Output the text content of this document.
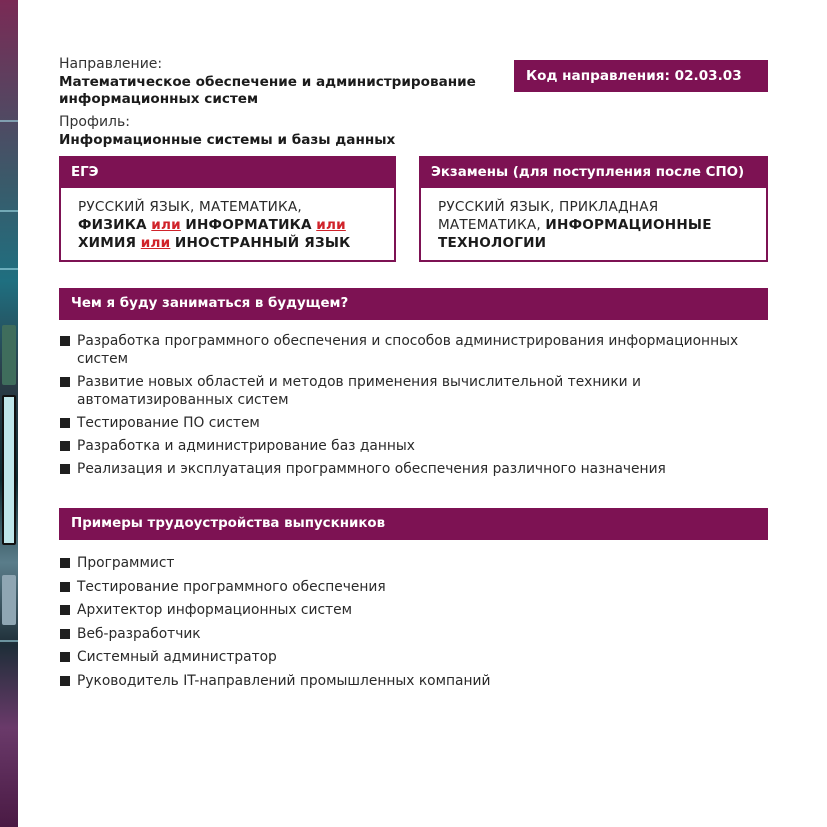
Направление:
Математическое обеспечение и администрирование информационных систем
Профиль:
Информационные системы и базы данных
Код направления: 02.03.03
ЕГЭ
РУССКИЙ ЯЗЫК, МАТЕМАТИКА,
ФИЗИКА или ИНФОРМАТИКА или
ХИМИЯ или ИНОСТРАННЫЙ ЯЗЫК
Экзамены (для поступления после СПО)
РУССКИЙ ЯЗЫК, ПРИКЛАДНАЯ
МАТЕМАТИКА, ИНФОРМАЦИОННЫЕ
ТЕХНОЛОГИИ
Чем я буду заниматься в будущем?
Разработка программного обеспечения и способов администрирования информационных систем
Развитие новых областей и методов применения вычислительной техники и автоматизированных систем
Тестирование ПО систем
Разработка и администрирование баз данных
Реализация и эксплуатация программного обеспечения различного назначения
Примеры трудоустройства выпускников
Программист
Тестирование программного обеспечения
Архитектор информационных систем
Веб-разработчик
Системный администратор
Руководитель IT-направлений промышленных компаний
